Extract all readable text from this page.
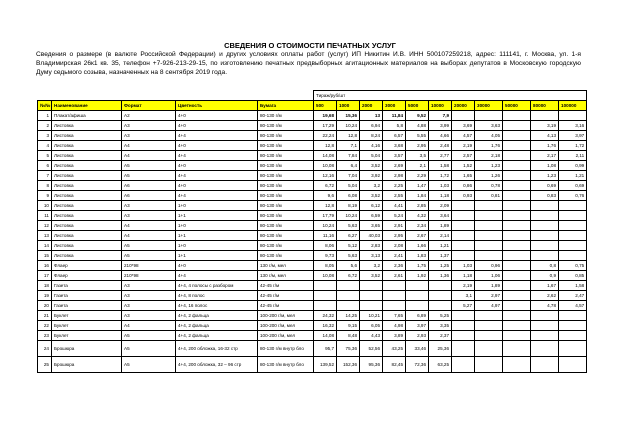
СВЕДЕНИЯ О СТОИМОСТИ ПЕЧАТНЫХ УСЛУГ
Сведения о размере (в валюте Российской Федерации) и других условиях оплаты работ (услуг) ИП Никитин И.В. ИНН 500107259218, адрес: 111141, г. Москва, ул. 1-я Владимирская 26к1 кв. 35, телефон +7-926-213-29-15, по изготовлению печатных предвыборных агитационных материалов на выборах депутатов в Московскую городскую Думу седьмого созыва, назначенных на 8 сентября 2019 года.
					Тираж/руб/шт										
№№	Наименование	Формат	Цветность	Бумага	500	1000	2000	3000	5000	10000	20000	30000	50000	80000	100000
1	Плакат/афиша	А2	4+0	80-130 г/м	19,68	15,36	13	11,84	9,52	7,9					
2	Листовка	А3	4+0	80-130 г/м	17,29	10,24	6,94	5,8	4,88	3,99	3,69	3,63		3,19	3,16
3	Листовка	А3	4+4	80-130 г/м	22,24	12,8	8,24	6,57	5,55	4,66	4,57	4,05		4,13	3,97
4	Листовка	А4	4+0	80-130 г/м	12,8	7,1	4,16	3,68	2,95	2,48	2,19	1,76		1,76	1,72
5	Листовка	А4	4+4	80-130 г/м	14,08	7,84	5,04	3,57	3,5	2,77	2,57	2,18		2,17	2,11
6	Листовка	А5	4+0	80-130 г/м	10,08	6,4	3,52	2,69	2,1	1,58	1,52	1,23		1,08	0,99
7	Листовка	А5	4+4	80-130 г/м	12,16	7,04	3,92	2,98	2,29	1,72	1,65	1,26		1,23	1,21
8	Листовка	А6	4+0	80-130 г/м	6,72	5,04	3,2	2,25	1,47	1,03	0,86	0,78		0,69	0,69
9	Листовка	А6	4+4	80-130 г/м	9,6	6,08	3,52	2,55	1,84	1,18	0,93	0,81		0,83	0,76
10	Листовка	А3	1+0	80-130 г/м	12,8	8,19	6,12	4,41	2,85	2,09					
11	Листовка	А3	1+1	80-130 г/м	17,79	10,24	6,59	5,24	4,32	3,64					
12	Листовка	А4	1+0	80-130 г/м	10,24	5,63	3,65	2,91	2,34	1,89					
13	Листовка	А4	1+1	80-130 г/м	11,16	6,27	40,03	2,95	2,67	2,14					
14	Листовка	А5	1+0	80-130 г/м	8,06	5,12	2,83	2,08	1,66	1,21					
15	Листовка	А5	1+1	80-130 г/м	9,73	5,63	3,13	2,41	1,83	1,37					
16	Флаер	210*98	4+0	130 г/м, мел	8,05	5,6	3,2	2,36	1,75	1,25	1,03	0,96		0,8	0,75
17	Флаер	210*98	4+4	130 г/м, мел	10,08	6,72	3,52	2,61	1,92	1,36	1,18	1,06		0,9	0,85
18	Газета	А3	4+4, 4 полосы с разбором	42-45 г/м							2,19	1,89		1,67	1,58
19	Газета	А3	4+4, 8 полос	42-45 г/м							3,1	2,97		2,62	2,47
20	Газета	А3	4+4, 16 полос	42-45 г/м							5,27	4,97		4,78	4,57
21	Буклет	А3	4+4, 2 фальца	100-200 г/м, мел	24,32	14,25	10,21	7,65	6,89	5,25					
22	Буклет	А4	4+4, 2 фальца	100-200 г/м, мел	16,32	9,15	6,05	4,98	3,97	3,35					
23	Буклет	А5	4+4, 2 фальца	100-200 г/м, мел	14,08	8,48	4,43	3,89	2,93	2,37					
24	Брошюра	А5	4+4, 200 обложка, 16-32 стр	80-130 г/м внутр бло	95,7	75,36	52,56	43,25	33,46	25,36					
25	Брошюра	А5	4+4, 200 обложка, 32 – 96 стр	80-130 г/м внутр бло	139,52	152,36	95,36	82,45	72,36	63,25					
